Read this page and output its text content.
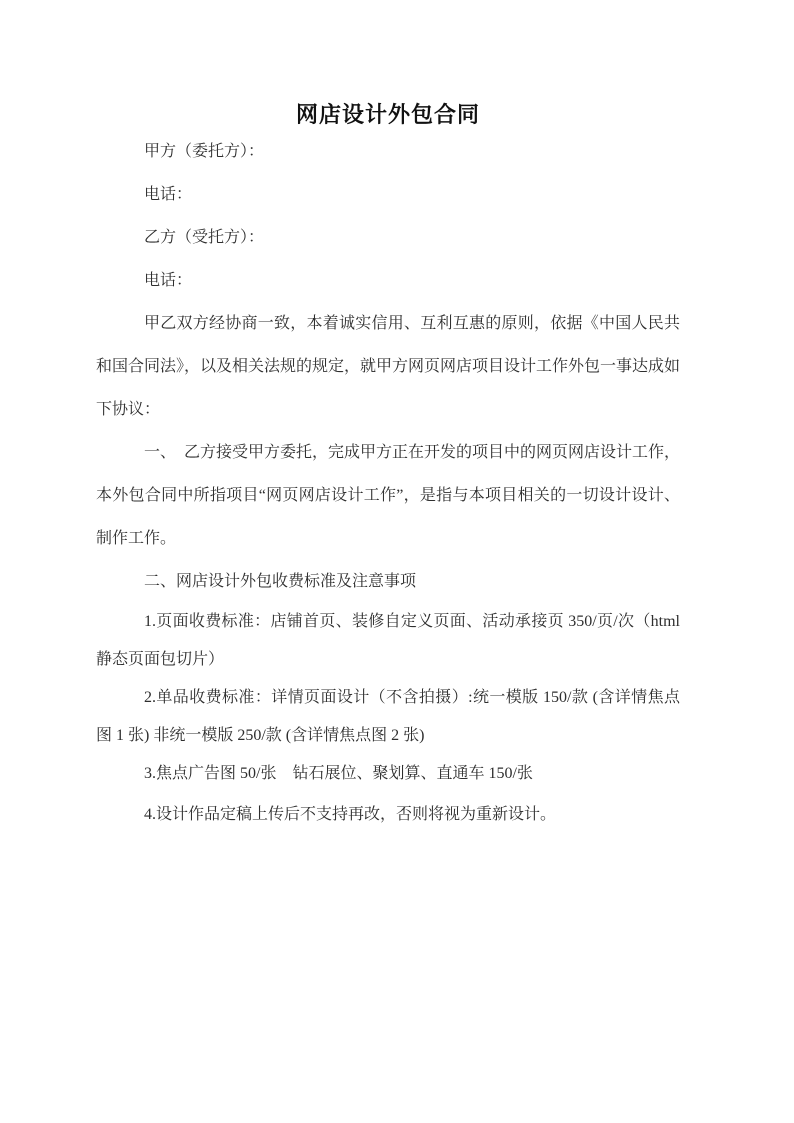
网店设计外包合同

甲方（委托方）：

电话：

乙方（受托方）：

电话：

甲乙双方经协商一致，本着诚实信用、互利互惠的原则，依据《中国人民共和国合同法》，以及相关法规的规定，就甲方网页网店项目设计工作外包一事达成如下协议：

一、　乙方接受甲方委托，完成甲方正在开发的项目中的网页网店设计工作，本外包合同中所指项目“网页网店设计工作”，是指与本项目相关的一切设计设计、制作工作。

二、网店设计外包收费标准及注意事项

1.页面收费标准：店铺首页、装修自定义页面、活动承接页 350/页/次（html 静态页面包切片）

2.单品收费标准：详情页面设计（不含拍摄）:统一模版 150/款 (含详情焦点图 1 张) 非统一模版 250/款 (含详情焦点图 2 张)

3.焦点广告图 50/张　钻石展位、聚划算、直通车 150/张

4.设计作品定稿上传后不支持再改，否则将视为重新设计。
